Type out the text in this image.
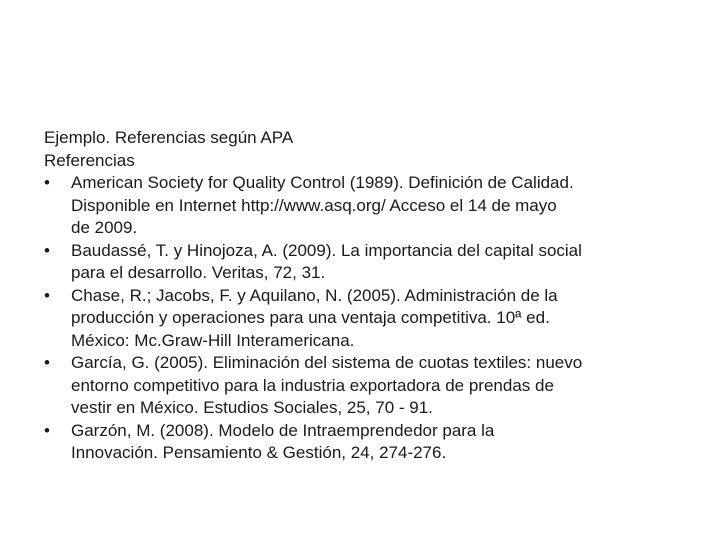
Ejemplo. Referencias según APA

Referencias

•	American Society for Quality Control (1989). Definición de Calidad.
Disponible en Internet http://www.asq.org/ Acceso el 14 de mayo
de 2009.
•	Baudassé, T. y Hinojoza, A. (2009). La importancia del capital social
para el desarrollo. Veritas, 72, 31.
•	Chase, R.; Jacobs, F. y Aquilano, N. (2005). Administración de la
producción y operaciones para una ventaja competitiva. 10ª ed.
México: Mc.Graw-Hill Interamericana.
•	García, G. (2005). Eliminación del sistema de cuotas textiles: nuevo
entorno competitivo para la industria exportadora de prendas de
vestir en México. Estudios Sociales, 25, 70 - 91.
•	Garzón, M. (2008). Modelo de Intraemprendedor para la
Innovación. Pensamiento & Gestión, 24, 274-276.
